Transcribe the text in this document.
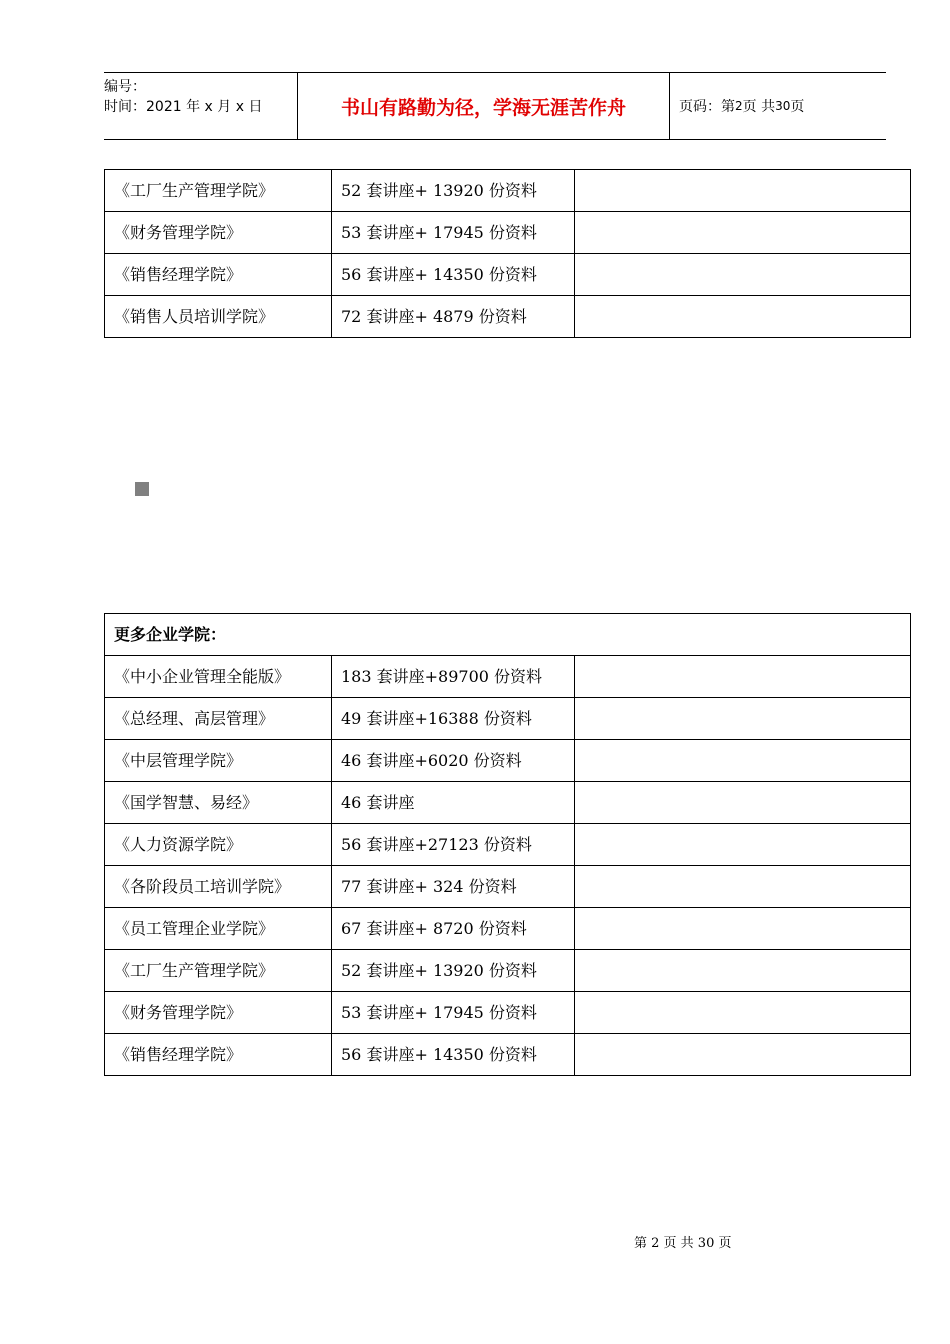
编号：
时间：2021 年 x 月 x 日	书山有路勤为径，学海无涯苦作舟	页码：第 2 页 共 30 页
《工厂生产管理学院》	52 套讲座+ 13920 份资料	
《财务管理学院》	53 套讲座+ 17945 份资料	
《销售经理学院》	56 套讲座+ 14350 份资料	
《销售人员培训学院》	72 套讲座+ 4879 份资料	
更多企业学院：		
《中小企业管理全能版》	183 套讲座+89700 份资料	
《总经理、高层管理》	49 套讲座+16388 份资料	
《中层管理学院》	46 套讲座+6020 份资料	
《国学智慧、易经》	46 套讲座	
《人力资源学院》	56 套讲座+27123 份资料	
《各阶段员工培训学院》	77 套讲座+ 324 份资料	
《员工管理企业学院》	67 套讲座+ 8720 份资料	
《工厂生产管理学院》	52 套讲座+ 13920 份资料	
《财务管理学院》	53 套讲座+ 17945 份资料	
《销售经理学院》	56 套讲座+ 14350 份资料	
第 2 页 共 30 页
